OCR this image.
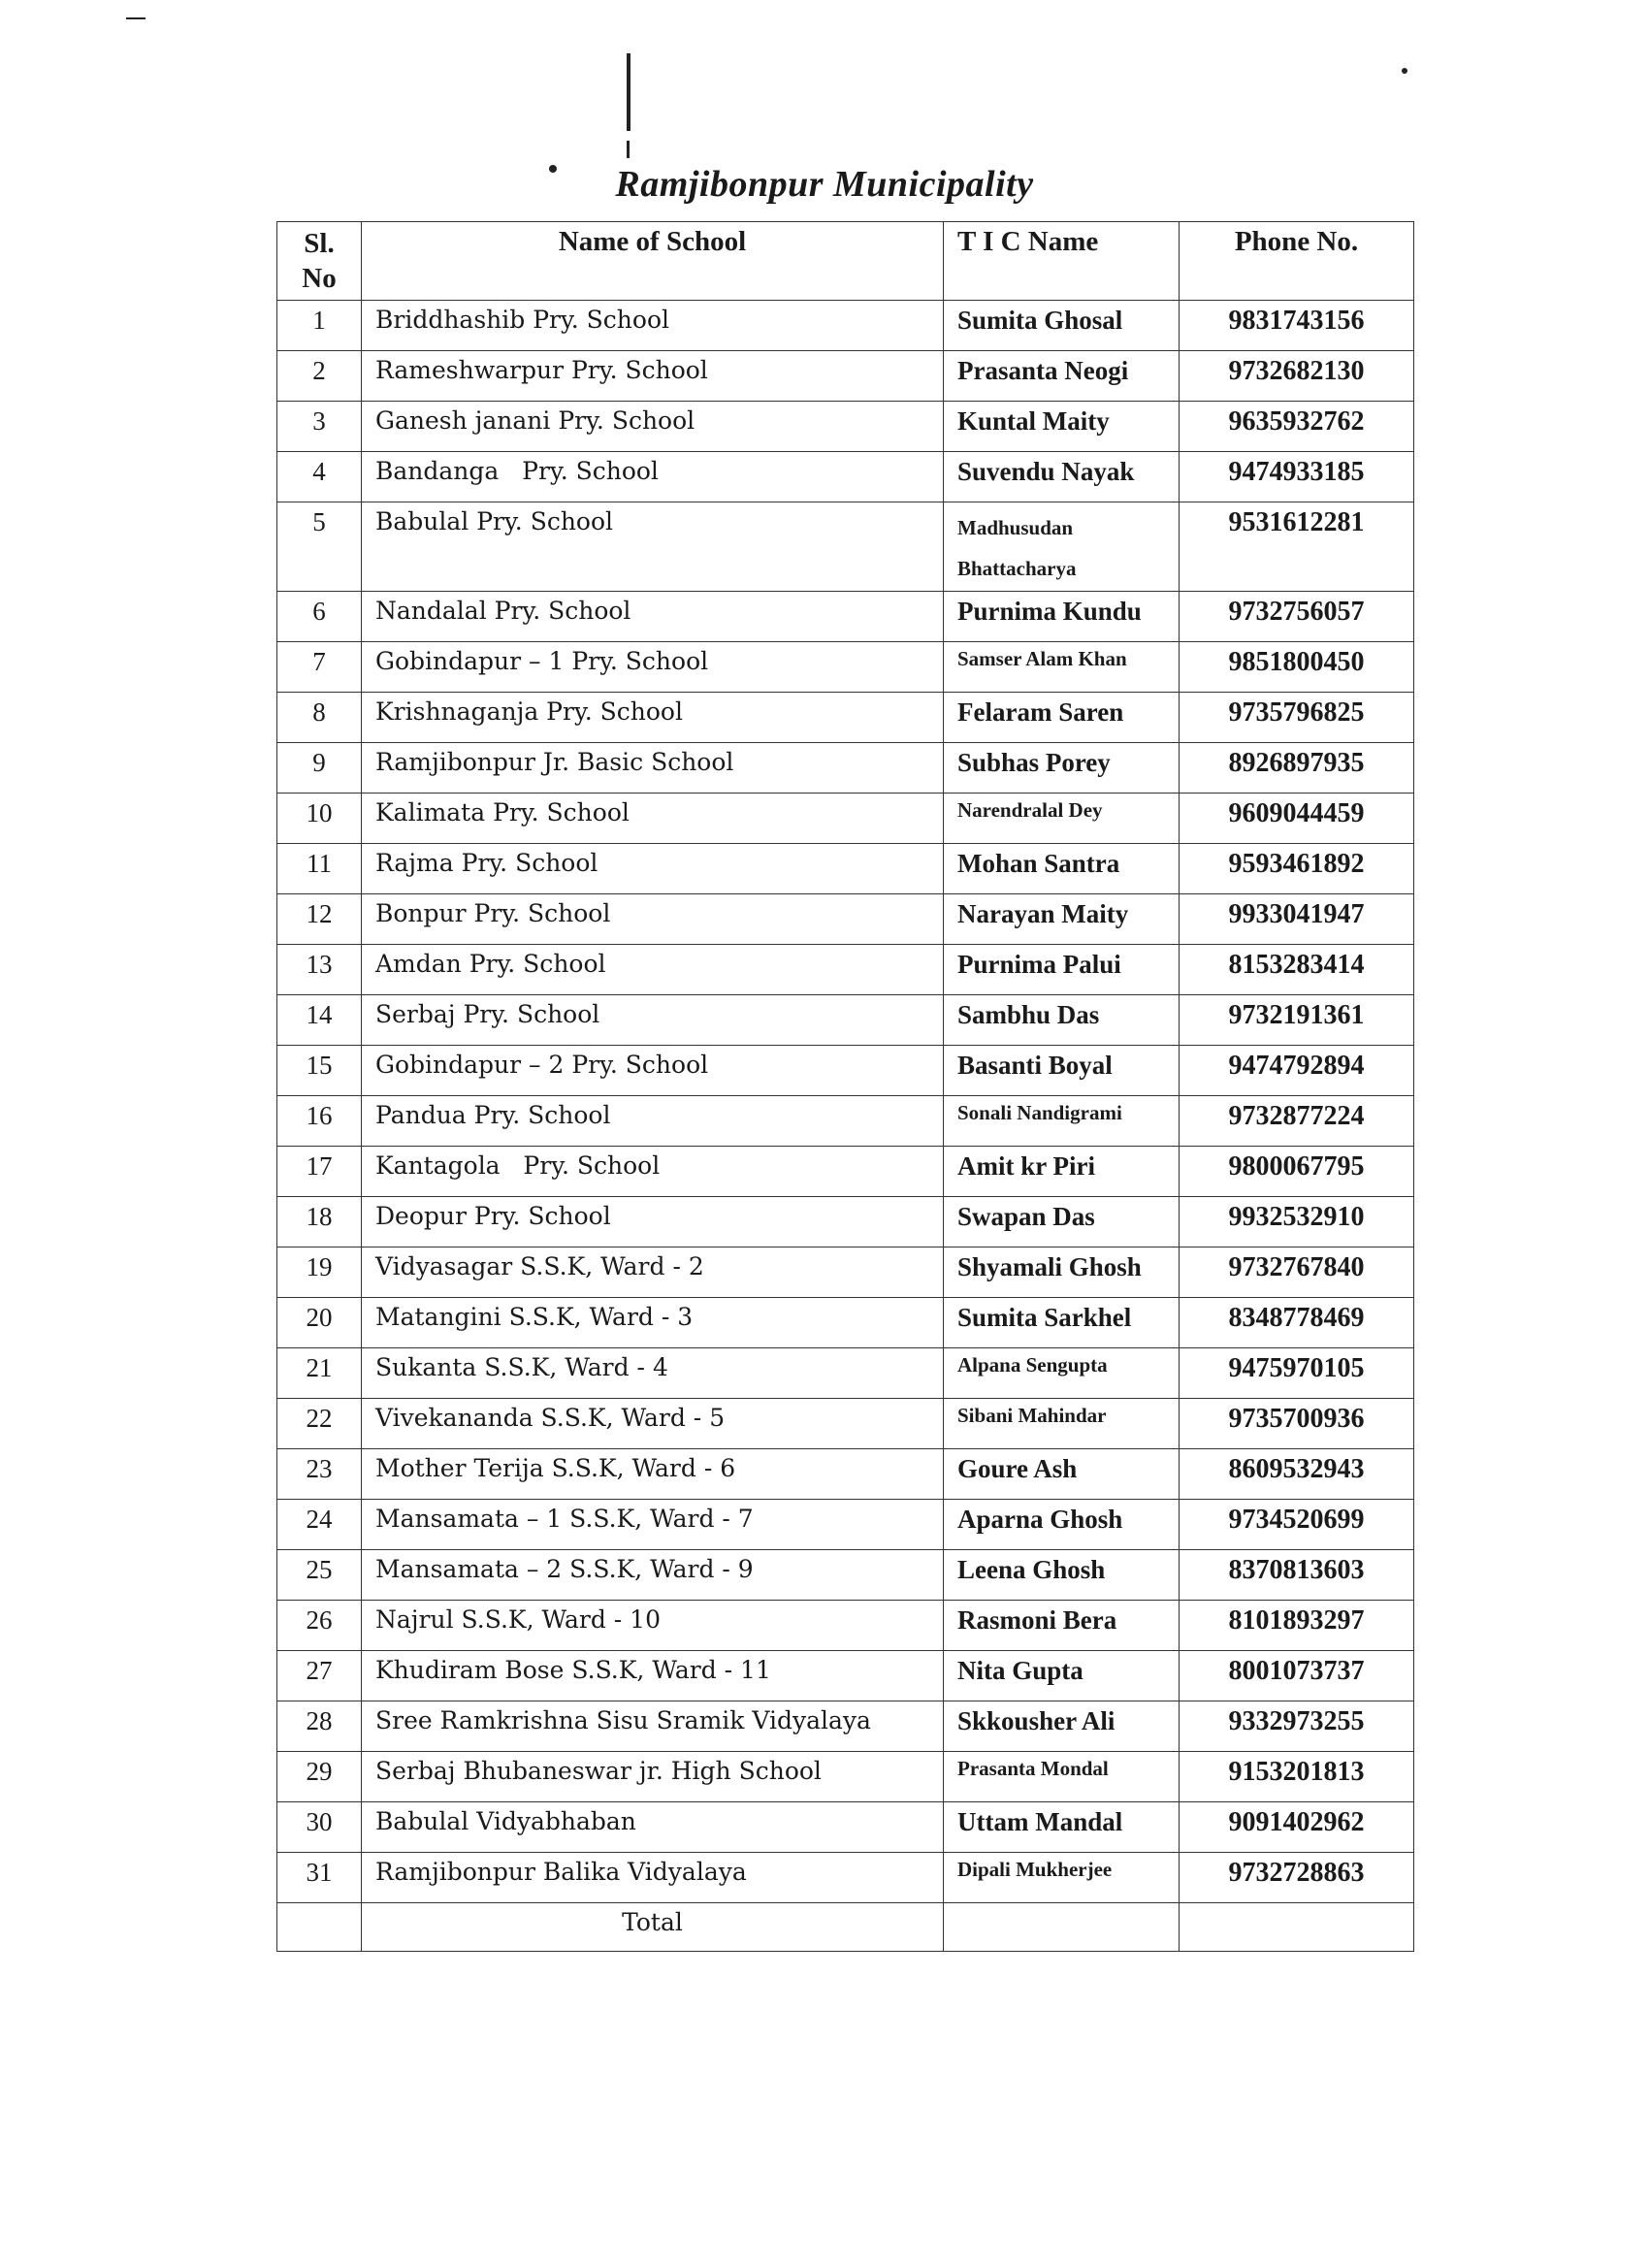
Ramjibonpur Municipality
Sl. No	Name of School	T I C Name	Phone No.
1	Briddhashib Pry. School	Sumita Ghosal	9831743156
2	Rameshwarpur Pry. School	Prasanta Neogi	9732682130
3	Ganesh janani Pry. School	Kuntal Maity	9635932762
4	Bandanga   Pry. School	Suvendu Nayak	9474933185
5	Babulal Pry. School	Madhusudan Bhattacharya	9531612281
6	Nandalal Pry. School	Purnima Kundu	9732756057
7	Gobindapur – 1 Pry. School	Samser Alam Khan	9851800450
8	Krishnaganja Pry. School	Felaram Saren	9735796825
9	Ramjibonpur Jr. Basic School	Subhas Porey	8926897935
10	Kalimata Pry. School	Narendralal Dey	9609044459
11	Rajma Pry. School	Mohan Santra	9593461892
12	Bonpur Pry. School	Narayan Maity	9933041947
13	Amdan Pry. School	Purnima Palui	8153283414
14	Serbaj Pry. School	Sambhu Das	9732191361
15	Gobindapur – 2 Pry. School	Basanti Boyal	9474792894
16	Pandua Pry. School	Sonali Nandigrami	9732877224
17	Kantagola   Pry. School	Amit kr Piri	9800067795
18	Deopur Pry. School	Swapan Das	9932532910
19	Vidyasagar S.S.K, Ward - 2	Shyamali Ghosh	9732767840
20	Matangini S.S.K, Ward - 3	Sumita Sarkhel	8348778469
21	Sukanta S.S.K, Ward - 4	Alpana Sengupta	9475970105
22	Vivekananda S.S.K, Ward - 5	Sibani Mahindar	9735700936
23	Mother Terija S.S.K, Ward - 6	Goure Ash	8609532943
24	Mansamata – 1 S.S.K, Ward - 7	Aparna Ghosh	9734520699
25	Mansamata – 2 S.S.K, Ward - 9	Leena Ghosh	8370813603
26	Najrul S.S.K, Ward - 10	Rasmoni Bera	8101893297
27	Khudiram Bose S.S.K, Ward - 11	Nita Gupta	8001073737
28	Sree Ramkrishna Sisu Sramik Vidyalaya	Skkousher Ali	9332973255
29	Serbaj Bhubaneswar jr. High School	Prasanta Mondal	9153201813
30	Babulal Vidyabhaban	Uttam Mandal	9091402962
31	Ramjibonpur Balika Vidyalaya	Dipali Mukherjee	9732728863
	Total		
